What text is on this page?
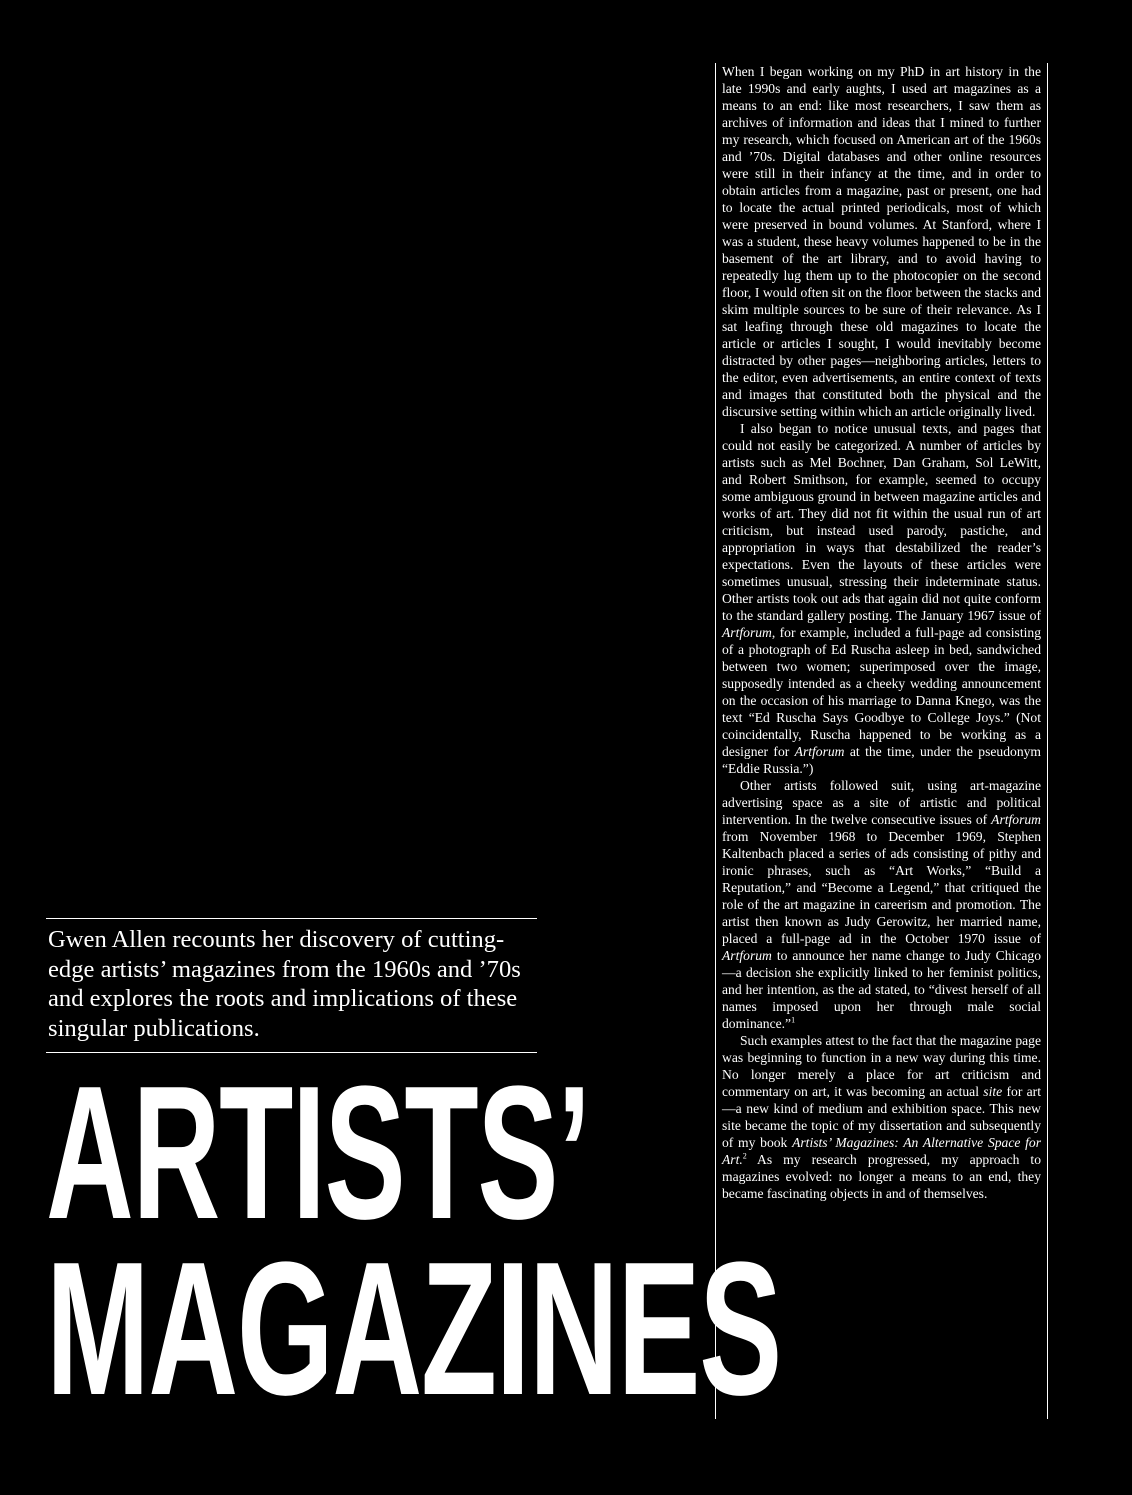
When I began working on my PhD in art history in the late 1990s and early aughts, I used art magazines as a means to an end: like most researchers, I saw them as archives of information and ideas that I mined to further my research, which focused on American art of the 1960s and ’70s. Digital databases and other online resources were still in their infancy at the time, and in order to obtain articles from a magazine, past or present, one had to locate the actual printed periodicals, most of which were preserved in bound volumes. At Stanford, where I was a student, these heavy volumes happened to be in the basement of the art library, and to avoid having to repeatedly lug them up to the photocopier on the second floor, I would often sit on the floor between the stacks and skim multiple sources to be sure of their relevance. As I sat leafing through these old magazines to locate the article or articles I sought, I would inevitably become distracted by other pages—neighboring articles, letters to the editor, even advertisements, an entire context of texts and images that constituted both the physical and the discursive setting within which an article originally lived.

I also began to notice unusual texts, and pages that could not easily be categorized. A number of articles by artists such as Mel Bochner, Dan Graham, Sol LeWitt, and Robert Smithson, for example, seemed to occupy some ambiguous ground in between magazine articles and works of art. They did not fit within the usual run of art criticism, but instead used parody, pastiche, and appropriation in ways that destabilized the reader’s expectations. Even the layouts of these articles were sometimes unusual, stressing their indeterminate status. Other artists took out ads that again did not quite conform to the standard gallery posting. The January 1967 issue of Artforum, for example, included a full-page ad consisting of a photograph of Ed Ruscha asleep in bed, sandwiched between two women; superimposed over the image, supposedly intended as a cheeky wedding announcement on the occasion of his marriage to Danna Knego, was the text “Ed Ruscha Says Goodbye to College Joys.” (Not coincidentally, Ruscha happened to be working as a designer for Artforum at the time, under the pseudonym “Eddie Russia.”)

Other artists followed suit, using art-magazine advertising space as a site of artistic and political intervention. In the twelve consecutive issues of Artforum from November 1968 to December 1969, Stephen Kaltenbach placed a series of ads consisting of pithy and ironic phrases, such as “Art Works,” “Build a Reputation,” and “Become a Legend,” that critiqued the role of the art magazine in careerism and promotion. The artist then known as Judy Gerowitz, her married name, placed a full-page ad in the October 1970 issue of Artforum to announce her name change to Judy Chicago—a decision she explicitly linked to her feminist politics, and her intention, as the ad stated, to “divest herself of all names imposed upon her through male social dominance.”$^1$

Such examples attest to the fact that the magazine page was beginning to function in a new way during this time. No longer merely a place for art criticism and commentary on art, it was becoming an actual site for art—a new kind of medium and exhibition space. This new site became the topic of my dissertation and subsequently of my book Artists’ Magazines: An Alternative Space for Art.$^2$ As my research progressed, my approach to magazines evolved: no longer a means to an end, they became fascinating objects in and of themselves.

Gwen Allen recounts her discovery of cutting-edge artists’ magazines from the 1960s and ’70s and explores the roots and implications of these singular publications.

ARTISTS’
MAGAZINES
